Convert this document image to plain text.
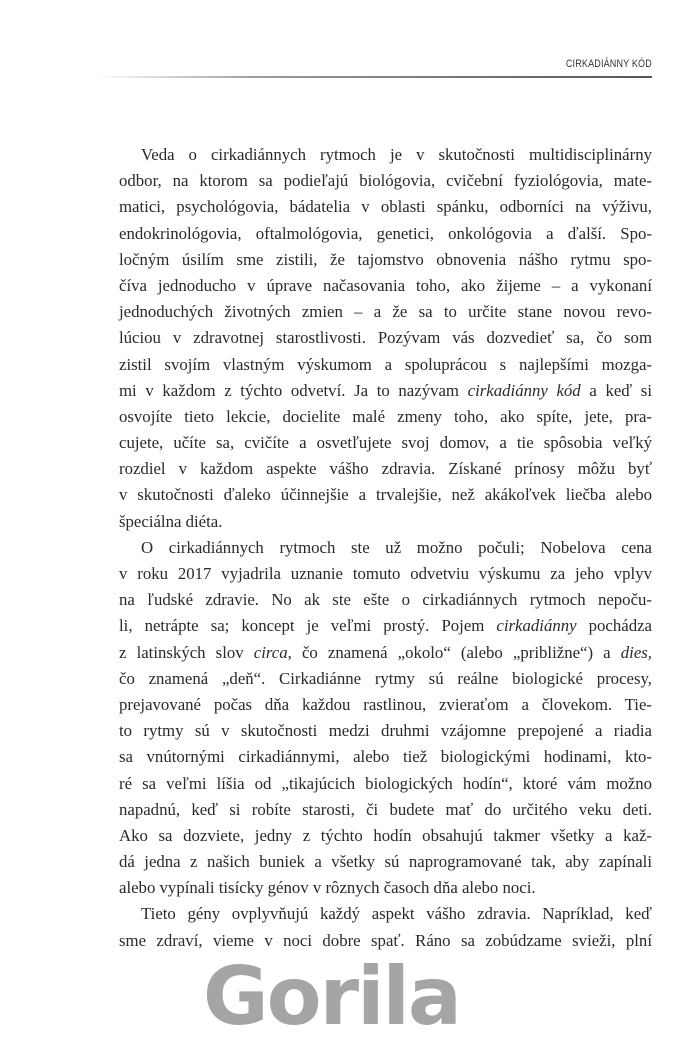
CIRKADIÁNNY KÓD
Veda o cirkadiánnych rytmoch je v skutočnosti multidisciplinárny
odbor, na ktorom sa podieľajú biológovia, cvičební fyziológovia, mate-
matici, psychológovia, bádatelia v oblasti spánku, odborníci na výživu,
endokrinológovia, oftalmológovia, genetici, onkológovia a ďalší. Spo-
ločným úsilím sme zistili, že tajomstvo obnovenia nášho rytmu spo-
číva jednoducho v úprave načasovania toho, ako žijeme – a vykonaní
jednoduchých životných zmien – a že sa to určite stane novou revo-
lúciou v zdravotnej starostlivosti. Pozývam vás dozvedieť sa, čo som
zistil svojím vlastným výskumom a spoluprácou s najlepšími mozga-
mi v každom z týchto odvetví. Ja to nazývam cirkadiánny kód a keď si
osvojíte tieto lekcie, docielite malé zmeny toho, ako spíte, jete, pra-
cujete, učíte sa, cvičíte a osvetľujete svoj domov, a tie spôsobia veľký
rozdiel v každom aspekte vášho zdravia. Získané prínosy môžu byť
v skutočnosti ďaleko účinnejšie a trvalejšie, než akákoľvek liečba alebo
špeciálna diéta.
O cirkadiánnych rytmoch ste už možno počuli; Nobelova cena
v roku 2017 vyjadrila uznanie tomuto odvetviu výskumu za jeho vplyv
na ľudské zdravie. No ak ste ešte o cirkadiánnych rytmoch nepoču-
li, netrápte sa; koncept je veľmi prostý. Pojem cirkadiánny pochádza
z latinských slov circa, čo znamená „okolo“ (alebo „približne“) a dies,
čo znamená „deň“. Cirkadiánne rytmy sú reálne biologické procesy,
prejavované počas dňa každou rastlinou, zvieraťom a človekom. Tie-
to rytmy sú v skutočnosti medzi druhmi vzájomne prepojené a riadia
sa vnútornými cirkadiánnymi, alebo tiež biologickými hodinami, kto-
ré sa veľmi líšia od „tikajúcich biologických hodín“, ktoré vám možno
napadnú, keď si robíte starosti, či budete mať do určitého veku deti.
Ako sa dozviete, jedny z týchto hodín obsahujú takmer všetky a kaž-
dá jedna z našich buniek a všetky sú naprogramované tak, aby zapínali
alebo vypínali tisícky génov v rôznych časoch dňa alebo noci.
Tieto gény ovplyvňujú každý aspekt vášho zdravia. Napríklad, keď
sme zdraví, vieme v noci dobre spať. Ráno sa zobúdzame svieži, plní
Gorila
